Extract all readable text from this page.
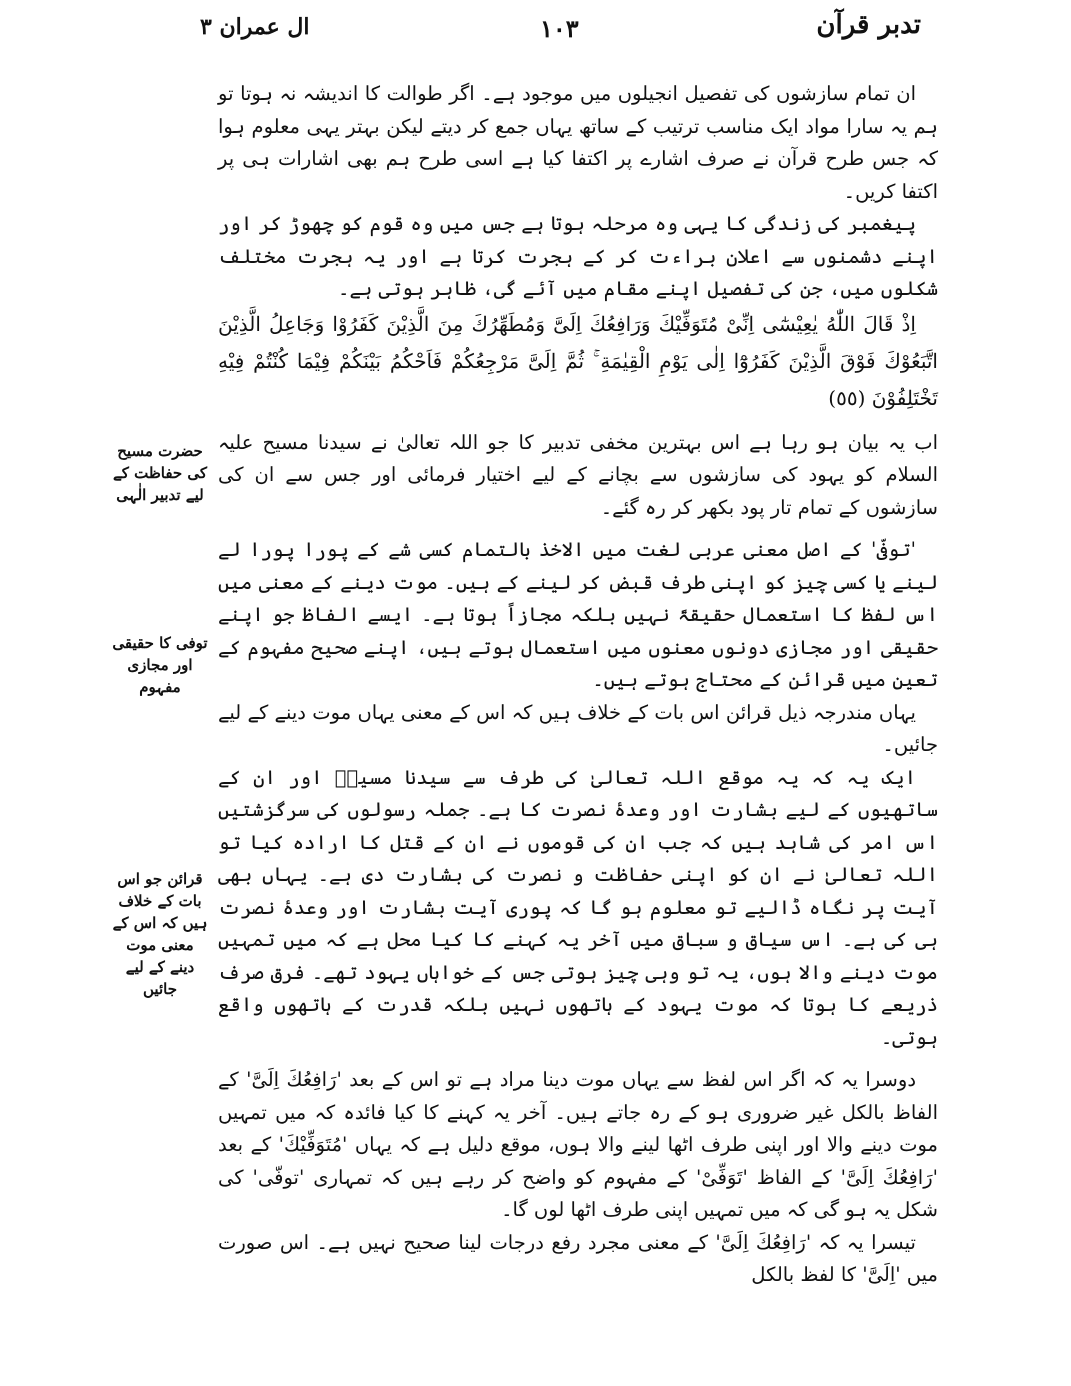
ال عمران ٣	١٠٣	تدبر قرآن

ان تمام سازشوں کی تفصیل انجیلوں میں موجود ہے۔ اگر طوالت کا اندیشہ نہ ہوتا تو ہم یہ سارا مواد ایک مناسب ترتیب کے ساتھ یہاں جمع کر دیتے لیکن بہتر یہی معلوم ہوا کہ جس طرح قرآن نے صرف اشارے پر اکتفا کیا ہے اسی طرح ہم بھی اشارات ہی پر اکتفا کریں۔

پیغمبر کی زندگی کا یہی وہ مرحلہ ہوتا ہے جس میں وہ قوم کو چھوڑ کر اور اپنے دشمنوں سے اعلان براءت کر کے ہجرت کرتا ہے اور یہ ہجرت مختلف شکلوں میں، جن کی تفصیل اپنے مقام میں آئے گی، ظاہر ہوتی ہے۔

اِذْ قَالَ اللّٰهُ يٰعِيْسٰٓى اِنِّىْ مُتَوَفِّيْكَ وَرَافِعُكَ اِلَىَّ وَمُطَهِّرُكَ مِنَ الَّذِيْنَ كَفَرُوْا وَجَاعِلُ الَّذِيْنَ اتَّبَعُوْكَ فَوْقَ الَّذِيْنَ كَفَرُوْٓا اِلٰى يَوْمِ الْقِيٰمَةِ ۚ ثُمَّ اِلَىَّ مَرْجِعُكُمْ فَاَحْكُمُ بَيْنَكُمْ فِيْمَا كُنْتُمْ فِيْهِ تَخْتَلِفُوْنَ (٥٥)

اب یہ بیان ہو رہا ہے اس بہترین مخفی تدبیر کا جو اللہ تعالیٰ نے سیدنا مسیح علیہ السلام کو یہود کی سازشوں سے بچانے کے لیے اختیار فرمائی اور جس سے ان کی سازشوں کے تمام تار پود بکھر کر رہ گئے۔

'توفّی' کے اصل معنی عربی لغت میں الاخذ بالتمام کسی شے کے پورا پورا لے لینے یا کسی چیز کو اپنی طرف قبض کر لینے کے ہیں۔ موت دینے کے معنی میں اس لفظ کا استعمال حقیقۃً نہیں بلکہ مجازاً ہوتا ہے۔ ایسے الفاظ جو اپنے حقیقی اور مجازی دونوں معنوں میں استعمال ہوتے ہیں، اپنے صحیح مفہوم کے تعین میں قرائن کے محتاج ہوتے ہیں۔

یہاں مندرجہ ذیل قرائن اس بات کے خلاف ہیں کہ اس کے معنی یہاں موت دینے کے لیے جائیں۔

ایک یہ کہ یہ موقع اللہ تعالیٰ کی طرف سے سیدنا مسیحؑ اور ان کے ساتھیوں کے لیے بشارت اور وعدۂ نصرت کا ہے۔ جملہ رسولوں کی سرگزشتیں اس امر کی شاہد ہیں کہ جب ان کی قوموں نے ان کے قتل کا ارادہ کیا تو اللہ تعالیٰ نے ان کو اپنی حفاظت و نصرت کی بشارت دی ہے۔ یہاں بھی آیت پر نگاہ ڈالیے تو معلوم ہو گا کہ پوری آیت بشارت اور وعدۂ نصرت ہی کی ہے۔ اس سیاق و سباق میں آخر یہ کہنے کا کیا محل ہے کہ میں تمہیں موت دینے والا ہوں، یہ تو وہی چیز ہوتی جس کے خواہاں یہود تھے۔ فرق صرف ذریعے کا ہوتا کہ موت یہود کے ہاتھوں نہیں بلکہ قدرت کے ہاتھوں واقع ہوتی۔

دوسرا یہ کہ اگر اس لفظ سے یہاں موت دینا مراد ہے تو اس کے بعد 'رَافِعُكَ اِلَىَّ' کے الفاظ بالکل غیر ضروری ہو کے رہ جاتے ہیں۔ آخر یہ کہنے کا کیا فائدہ کہ میں تمہیں موت دینے والا اور اپنی طرف اٹھا لینے والا ہوں، موقع دلیل ہے کہ یہاں 'مُتَوَفِّيْكَ' کے بعد 'رَافِعُكَ اِلَىَّ' کے الفاظ 'تَوَفِّىْ' کے مفہوم کو واضح کر رہے ہیں کہ تمہاری 'توفّی' کی شکل یہ ہو گی کہ میں تمہیں اپنی طرف اٹھا لوں گا۔

تیسرا یہ کہ 'رَافِعُكَ اِلَىَّ' کے معنی مجرد رفع درجات لینا صحیح نہیں ہے۔ اس صورت میں 'اِلَىَّ' کا لفظ بالکل

حضرت مسیح کی حفاظت کے لیے تدبیر الٰہی
توفی کا حقیقی اور مجازی مفہوم
قرائن جو اس بات کے خلاف ہیں کہ اس کے معنی موت دینے کے لیے جائیں
